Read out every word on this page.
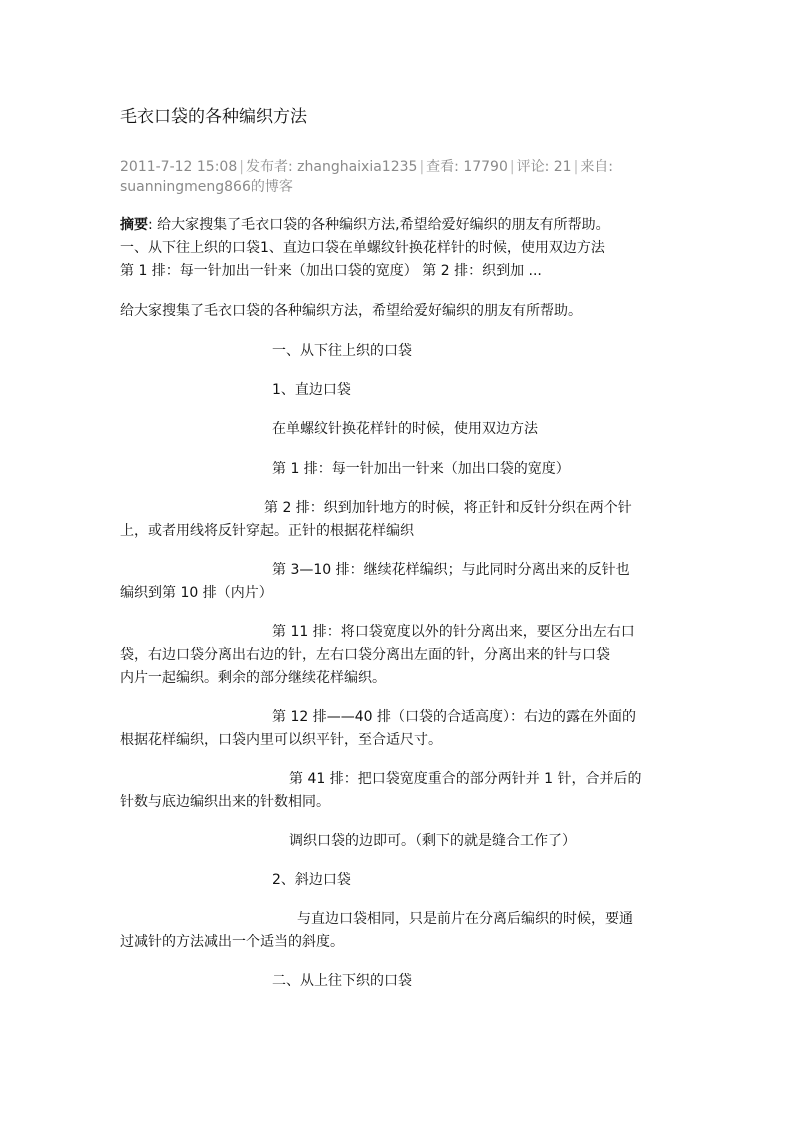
毛衣口袋的各种编织方法
2011-7-12 15:08 | 发布者: zhanghaixia1235 | 查看: 17790 | 评论: 21 | 来自:
suanningmeng866的博客
摘要: 给大家搜集了毛衣口袋的各种编织方法,希望给爱好编织的朋友有所帮助。
一、从下往上织的口袋1、直边口袋在单螺纹针换花样针的时候，使用双边方法
第 1 排：每一针加出一针来（加出口袋的宽度） 第 2 排：织到加 ...
给大家搜集了毛衣口袋的各种编织方法，希望给爱好编织的朋友有所帮助。
一、从下往上织的口袋
1、直边口袋
在单螺纹针换花样针的时候，使用双边方法
第 1 排：每一针加出一针来（加出口袋的宽度）
第 2 排：织到加针地方的时候，将正针和反针分织在两个针
上，或者用线将反针穿起。正针的根据花样编织
第 3—10 排：继续花样编织；与此同时分离出来的反针也
编织到第 10 排（内片）
第 11 排：将口袋宽度以外的针分离出来，要区分出左右口
袋，右边口袋分离出右边的针，左右口袋分离出左面的针，分离出来的针与口袋
内片一起编织。剩余的部分继续花样编织。
第 12 排——40 排（口袋的合适高度）：右边的露在外面的
根据花样编织，口袋内里可以织平针，至合适尺寸。
第 41 排：把口袋宽度重合的部分两针并 1 针，合并后的
针数与底边编织出来的针数相同。
调织口袋的边即可。（剩下的就是缝合工作了）
2、斜边口袋
与直边口袋相同，只是前片在分离后编织的时候，要通
过减针的方法减出一个适当的斜度。
二、从上往下织的口袋
